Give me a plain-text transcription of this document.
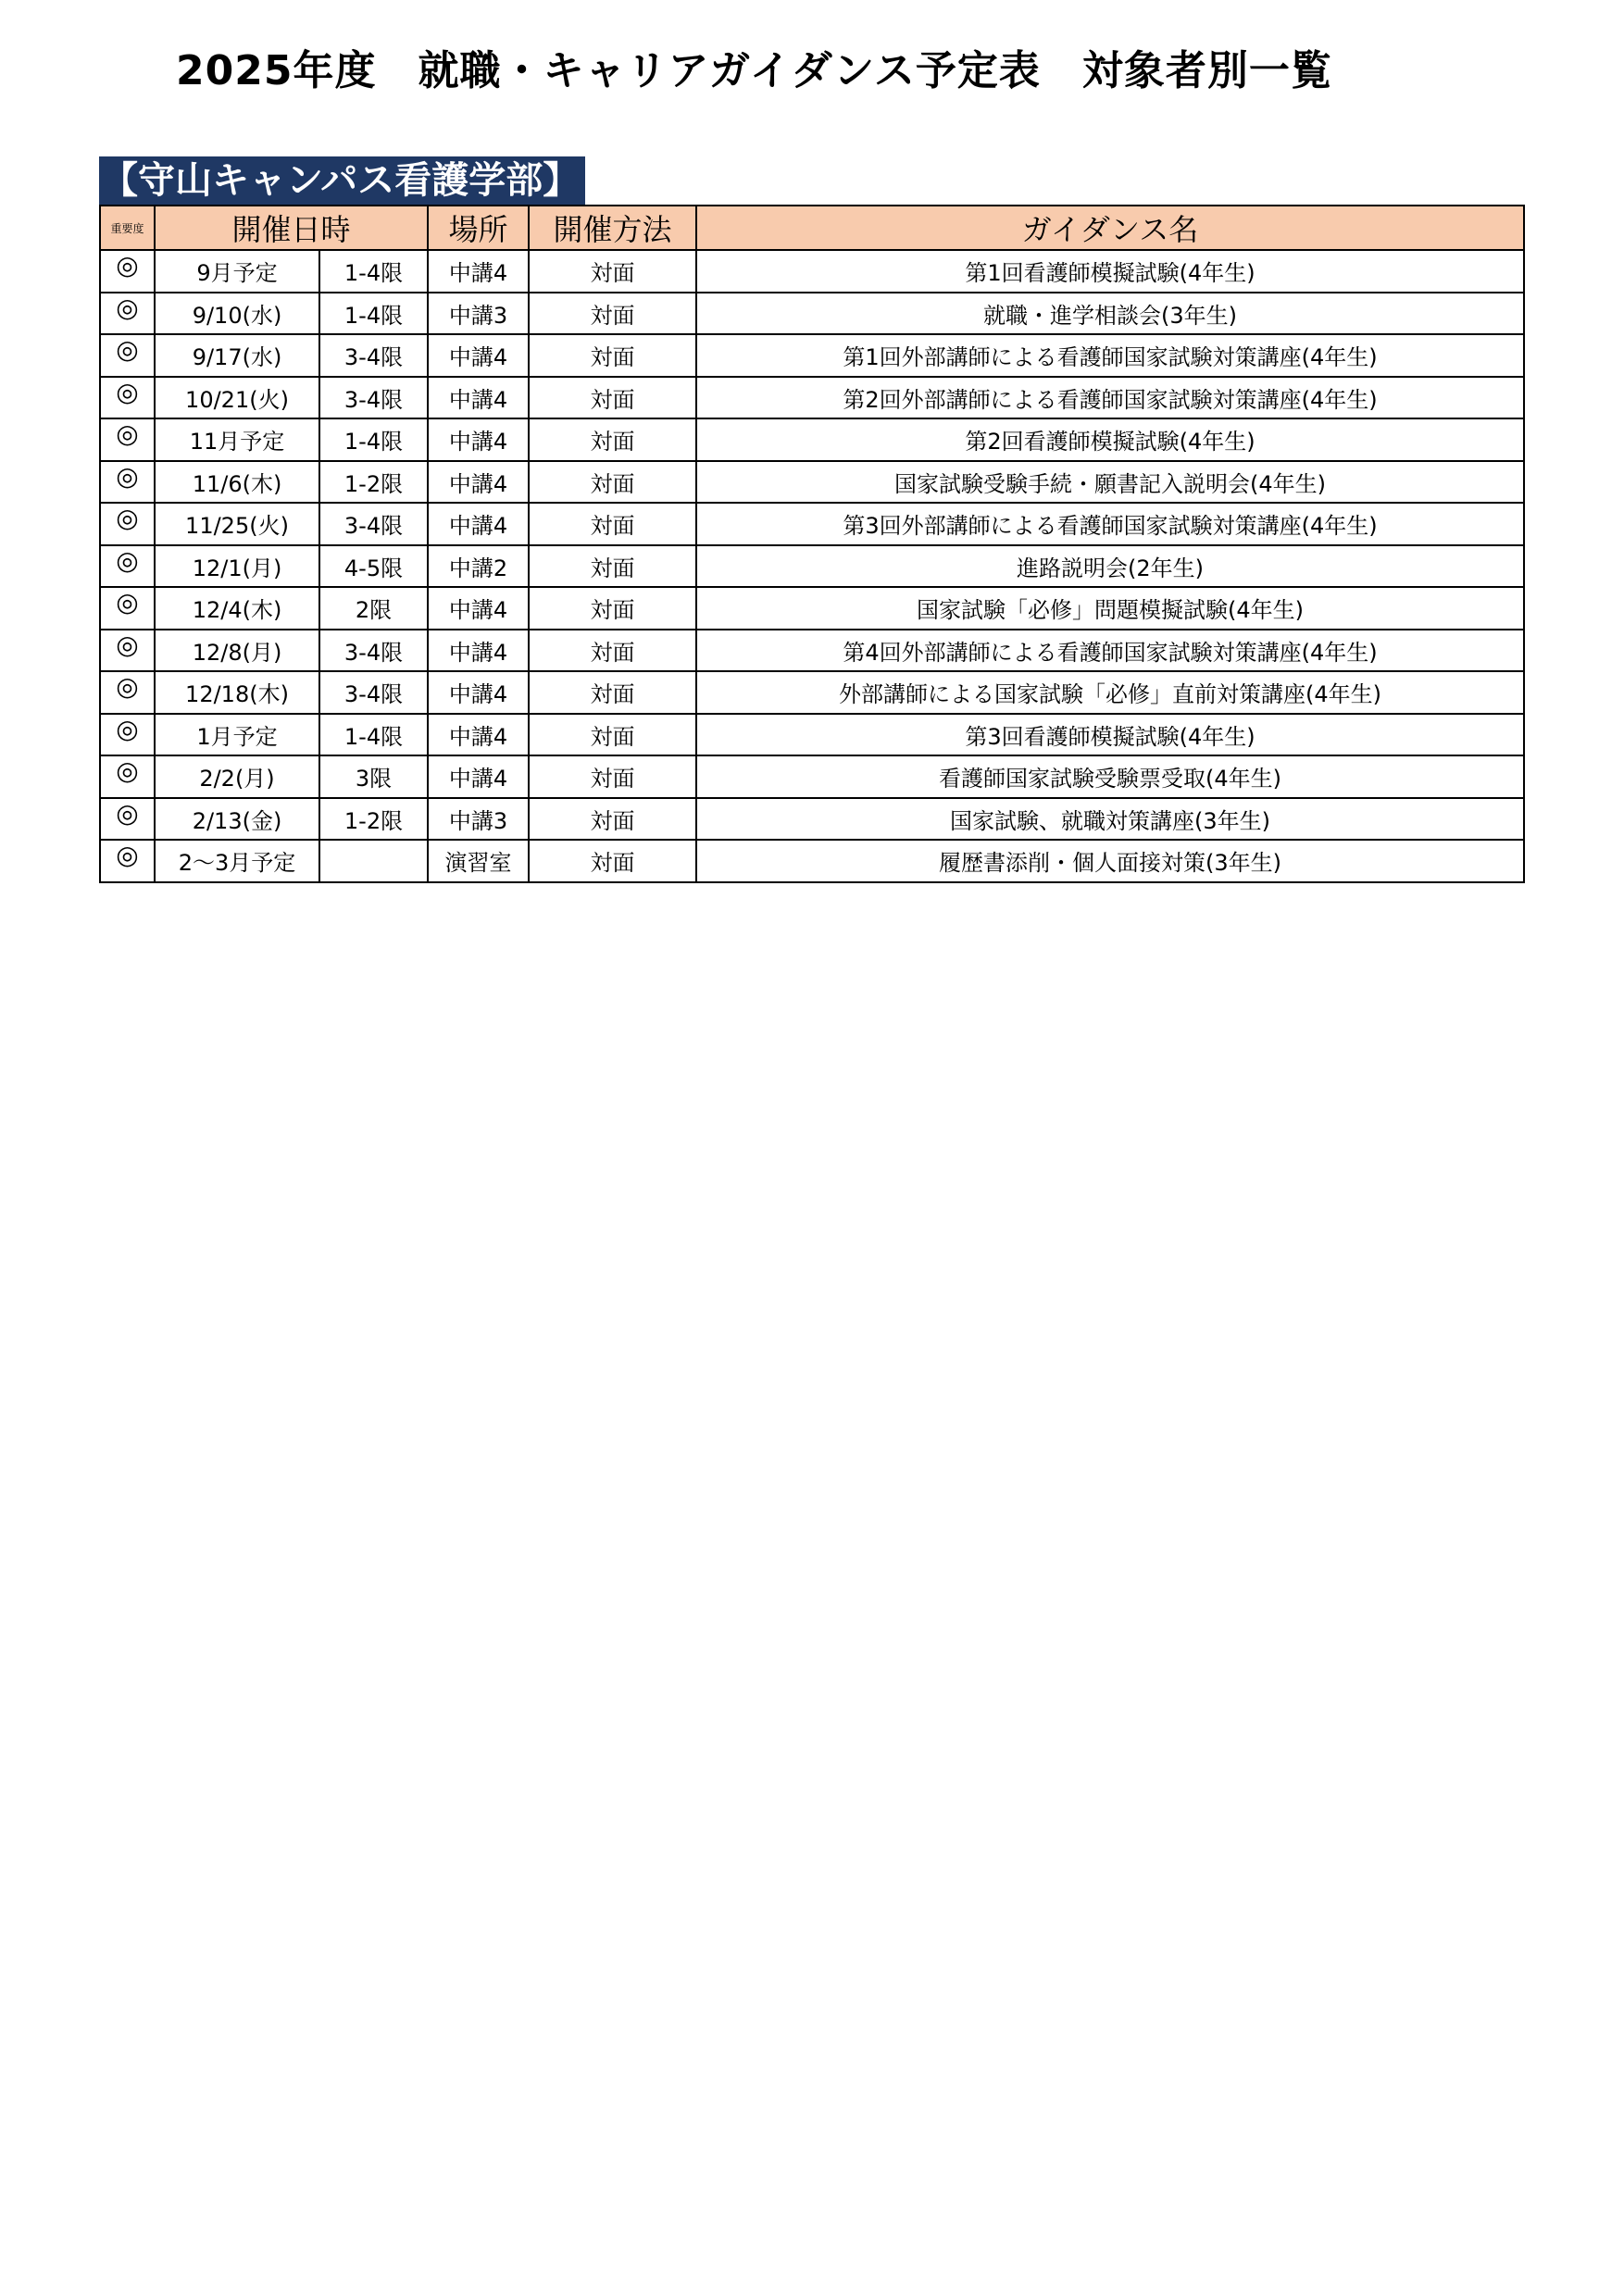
2025年度　就職・キャリアガイダンス予定表　対象者別一覧
【守山キャンパス看護学部】
重要度	開催日時		場所	開催方法	ガイダンス名
◎	9月予定	1-4限	中講4	対面	第1回看護師模擬試験(4年生)
◎	9/10(水)	1-4限	中講3	対面	就職・進学相談会(3年生)
◎	9/17(水)	3-4限	中講4	対面	第1回外部講師による看護師国家試験対策講座(4年生)
◎	10/21(火)	3-4限	中講4	対面	第2回外部講師による看護師国家試験対策講座(4年生)
◎	11月予定	1-4限	中講4	対面	第2回看護師模擬試験(4年生)
◎	11/6(木)	1-2限	中講4	対面	国家試験受験手続・願書記入説明会(4年生)
◎	11/25(火)	3-4限	中講4	対面	第3回外部講師による看護師国家試験対策講座(4年生)
◎	12/1(月)	4-5限	中講2	対面	進路説明会(2年生)
◎	12/4(木)	2限	中講4	対面	国家試験「必修」問題模擬試験(4年生)
◎	12/8(月)	3-4限	中講4	対面	第4回外部講師による看護師国家試験対策講座(4年生)
◎	12/18(木)	3-4限	中講4	対面	外部講師による国家試験「必修」直前対策講座(4年生)
◎	1月予定	1-4限	中講4	対面	第3回看護師模擬試験(4年生)
◎	2/2(月)	3限	中講4	対面	看護師国家試験受験票受取(4年生)
◎	2/13(金)	1-2限	中講3	対面	国家試験、就職対策講座(3年生)
◎	2～3月予定		演習室	対面	履歴書添削・個人面接対策(3年生)
